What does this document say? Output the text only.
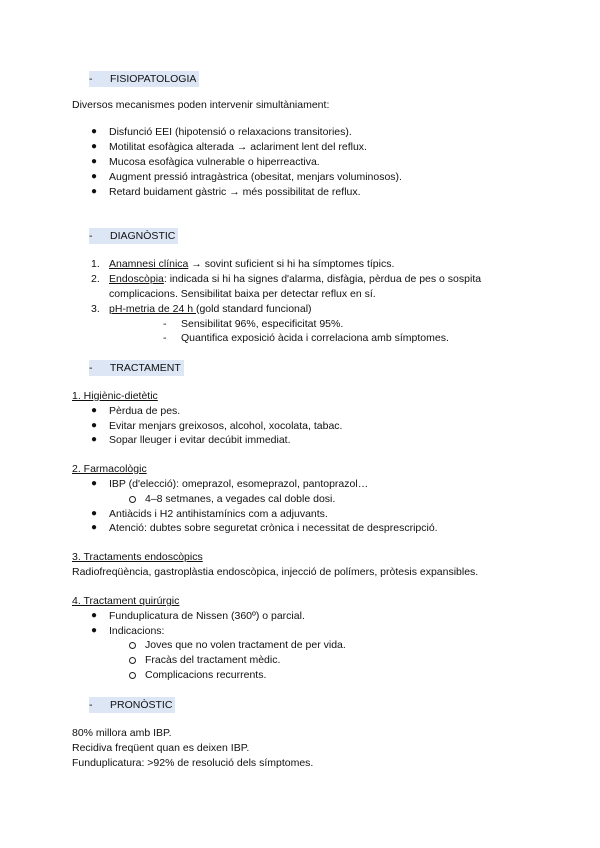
- FISIOPATOLOGIA
Diversos mecanismes poden intervenir simultàniament:
● Disfunció EEI (hipotensió o relaxacions transitories).
● Motilitat esofàgica alterada → aclariment lent del reflux.
● Mucosa esofàgica vulnerable o hiperreactiva.
● Augment pressió intragàstrica (obesitat, menjars voluminosos).
● Retard buidament gàstric → més possibilitat de reflux.
- DIAGNÒSTIC
1. Anamnesi clínica → sovint suficient si hi ha símptomes típics.
2. Endoscòpia: indicada si hi ha signes d'alarma, disfàgia, pèrdua de pes o sospita
complicacions. Sensibilitat baixa per detectar reflux en sí.
3. pH-metria de 24 h (gold standard funcional)
- Sensibilitat 96%, especificitat 95%.
- Quantifica exposició àcida i correlaciona amb símptomes.
- TRACTAMENT
1. Higiènic-dietètic
● Pèrdua de pes.
● Evitar menjars greixosos, alcohol, xocolata, tabac.
● Sopar lleuger i evitar decúbit immediat.
2. Farmacològic
● IBP (d'elecció): omeprazol, esomeprazol, pantoprazol…
4–8 setmanes, a vegades cal doble dosi.
● Antiàcids i H2 antihistamínics com a adjuvants.
● Atenció: dubtes sobre seguretat crònica i necessitat de desprescripció.
3. Tractaments endoscòpics
Radiofreqüència, gastroplàstia endoscòpica, injecció de polímers, pròtesis expansibles.
4. Tractament quirúrgic
● Funduplicatura de Nissen (360º) o parcial.
● Indicacions:
Joves que no volen tractament de per vida.
Fracàs del tractament mèdic.
Complicacions recurrents.
- PRONÒSTIC
80% millora amb IBP.
Recidiva freqüent quan es deixen IBP.
Funduplicatura: >92% de resolució dels símptomes.
